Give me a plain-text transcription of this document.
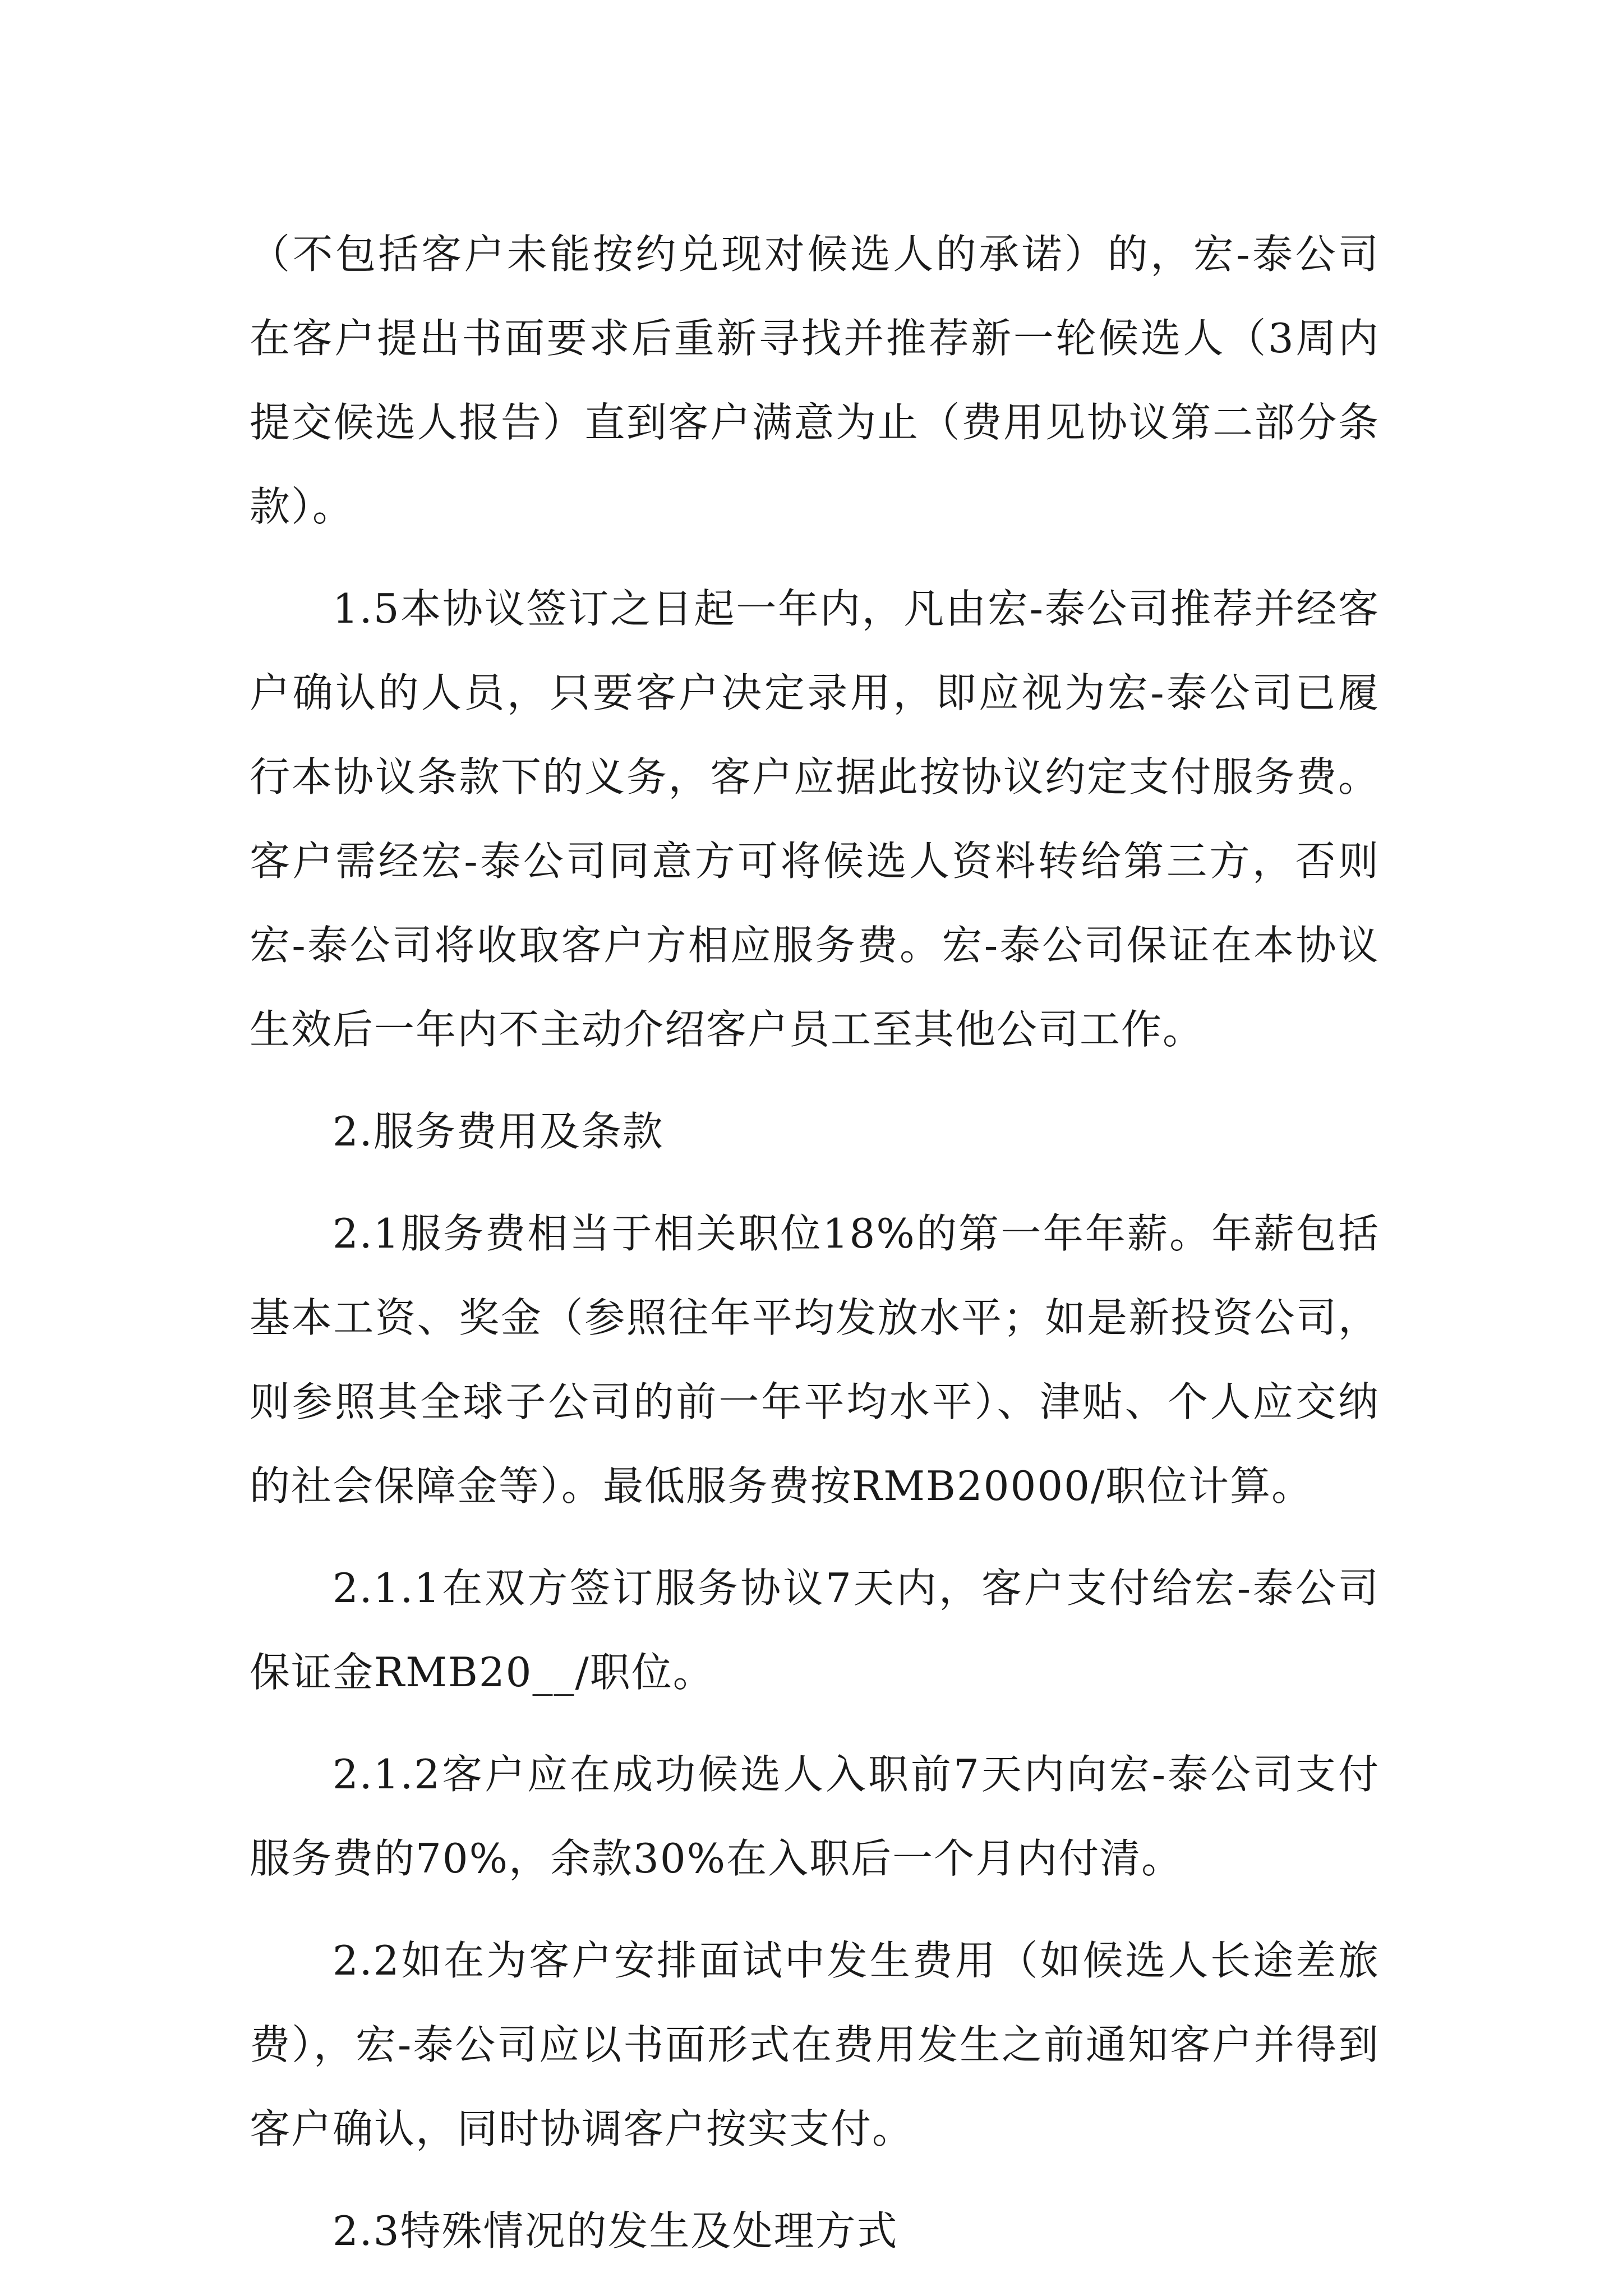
（不包括客户未能按约兑现对候选人的承诺）的，宏-泰公司在客户提出书面要求后重新寻找并推荐新一轮候选人（3周内提交候选人报告）直到客户满意为止（费用见协议第二部分条款）。

1.5本协议签订之日起一年内，凡由宏-泰公司推荐并经客户确认的人员，只要客户决定录用，即应视为宏-泰公司已履行本协议条款下的义务，客户应据此按协议约定支付服务费。客户需经宏-泰公司同意方可将候选人资料转给第三方，否则宏-泰公司将收取客户方相应服务费。宏-泰公司保证在本协议生效后一年内不主动介绍客户员工至其他公司工作。

2.服务费用及条款

2.1服务费相当于相关职位18%的第一年年薪。年薪包括基本工资、奖金（参照往年平均发放水平；如是新投资公司，则参照其全球子公司的前一年平均水平）、津贴、个人应交纳的社会保障金等）。最低服务费按RMB20000/职位计算。

2.1.1在双方签订服务协议7天内，客户支付给宏-泰公司保证金RMB20__/职位。

2.1.2客户应在成功候选人入职前7天内向宏-泰公司支付服务费的70%，余款30%在入职后一个月内付清。

2.2如在为客户安排面试中发生费用（如候选人长途差旅费），宏-泰公司应以书面形式在费用发生之前通知客户并得到客户确认，同时协调客户按实支付。

2.3特殊情况的发生及处理方式
